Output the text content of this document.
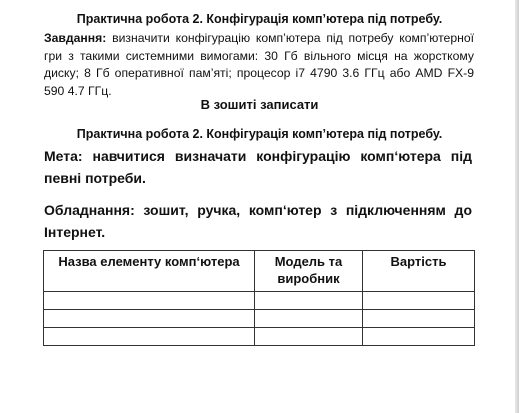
Практична робота 2. Конфігурація комп’ютера під потребу.
Завдання: визначити конфігурацію комп’ютера під потребу комп’ютерної гри з такими системними вимогами: 30 Гб вільного місця на жорсткому диску; 8 Гб оперативної пам’яті; процесор і7 4790 3.6 ГГц або AMD FX-9 590 4.7 ГГц.
В зошиті записати
Практична робота 2. Конфігурація комп’ютера під потребу.
Мета: навчитися визначати конфігурацію комп‘ютера під певні потреби.
Обладнання: зошит, ручка, комп‘ютер з підключенням до Інтернет.
Назва елементу комп‘ютера	Модель та виробник	Вартість
